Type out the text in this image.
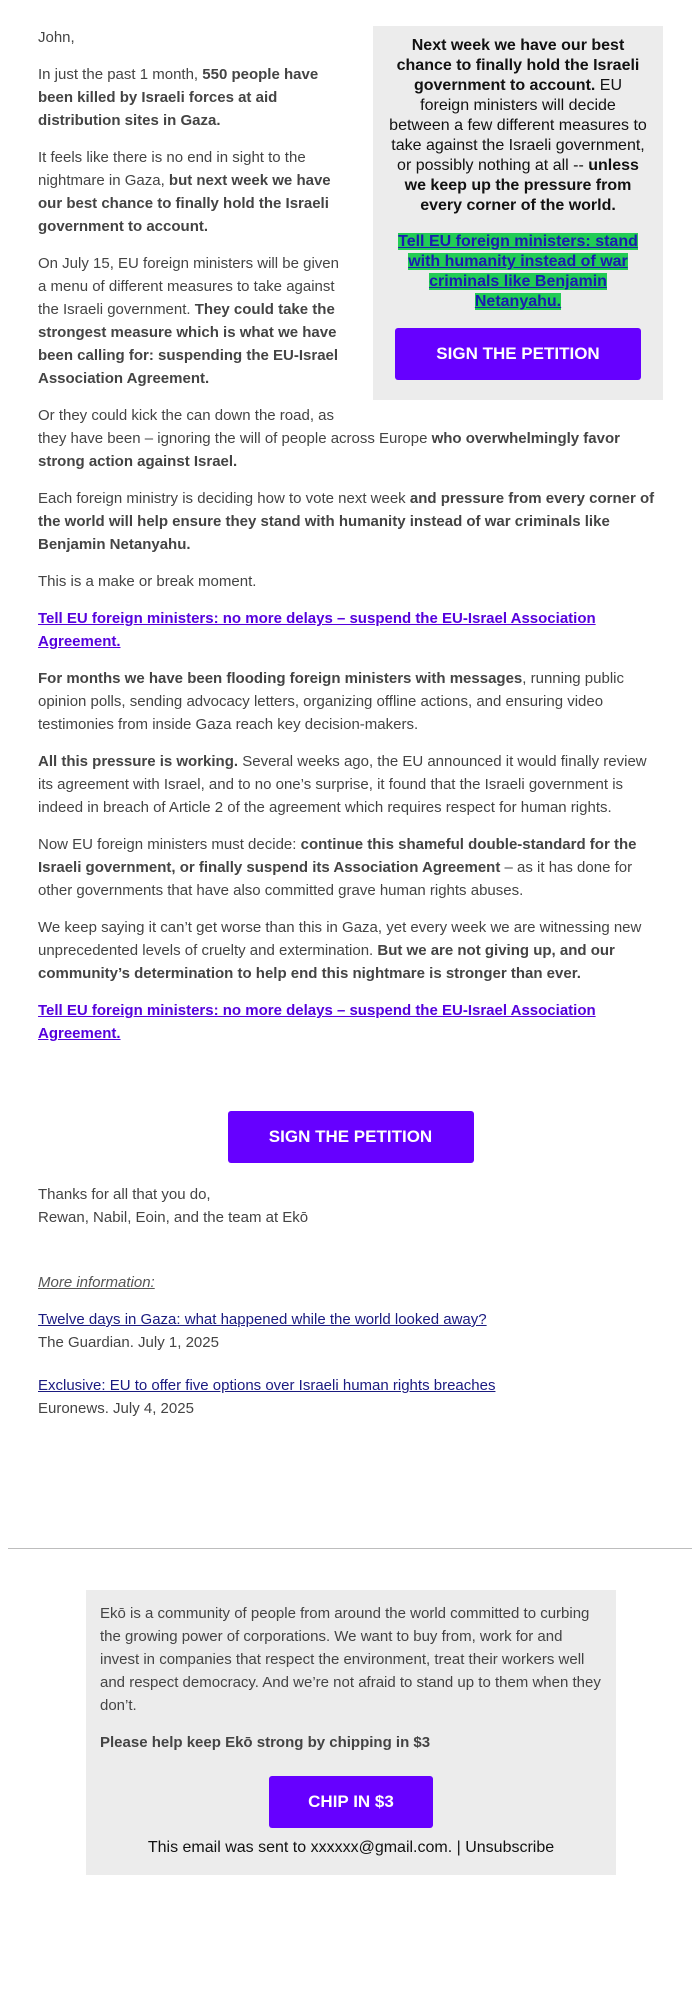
Next week we have our best chance to finally hold the Israeli government to account. EU foreign ministers will decide between a few different measures to take against the Israeli government, or possibly nothing at all -- unless we keep up the pressure from every corner of the world.

Tell EU foreign ministers: stand with humanity instead of war criminals like Benjamin Netanyahu.
SIGN THE PETITION

John,

In just the past 1 month, 550 people have been killed by Israeli forces at aid distribution sites in Gaza.

It feels like there is no end in sight to the nightmare in Gaza, but next week we have our best chance to finally hold the Israeli government to account.

On July 15, EU foreign ministers will be given a menu of different measures to take against the Israeli government. They could take the strongest measure which is what we have been calling for: suspending the EU-Israel Association Agreement.

Or they could kick the can down the road, as they have been – ignoring the will of people across Europe who overwhelmingly favor strong action against Israel.

Each foreign ministry is deciding how to vote next week and pressure from every corner of the world will help ensure they stand with humanity instead of war criminals like Benjamin Netanyahu.

This is a make or break moment.

Tell EU foreign ministers: no more delays – suspend the EU-Israel Association Agreement.

For months we have been flooding foreign ministers with messages, running public opinion polls, sending advocacy letters, organizing offline actions, and ensuring video testimonies from inside Gaza reach key decision-makers.

All this pressure is working. Several weeks ago, the EU announced it would finally review its agreement with Israel, and to no one’s surprise, it found that the Israeli government is indeed in breach of Article 2 of the agreement which requires respect for human rights.

Now EU foreign ministers must decide: continue this shameful double-standard for the Israeli government, or finally suspend its Association Agreement – as it has done for other governments that have also committed grave human rights abuses.

We keep saying it can’t get worse than this in Gaza, yet every week we are witnessing new unprecedented levels of cruelty and extermination. But we are not giving up, and our community’s determination to help end this nightmare is stronger than ever.

Tell EU foreign ministers: no more delays – suspend the EU-Israel Association Agreement.

SIGN THE PETITION
Thanks for all that you do,
Rewan, Nabil, Eoin, and the team at Ekō
More information:
Twelve days in Gaza: what happened while the world looked away?
The Guardian. July 1, 2025
Exclusive: EU to offer five options over Israeli human rights breaches
Euronews. July 4, 2025

Ekō is a community of people from around the world committed to curbing the growing power of corporations. We want to buy from, work for and invest in companies that respect the environment, treat their workers well and respect democracy. And we’re not afraid to stand up to them when they don’t.

Please help keep Ekō strong by chipping in $3

CHIP IN $3

This email was sent to xxxxxx@gmail.com. | Unsubscribe
